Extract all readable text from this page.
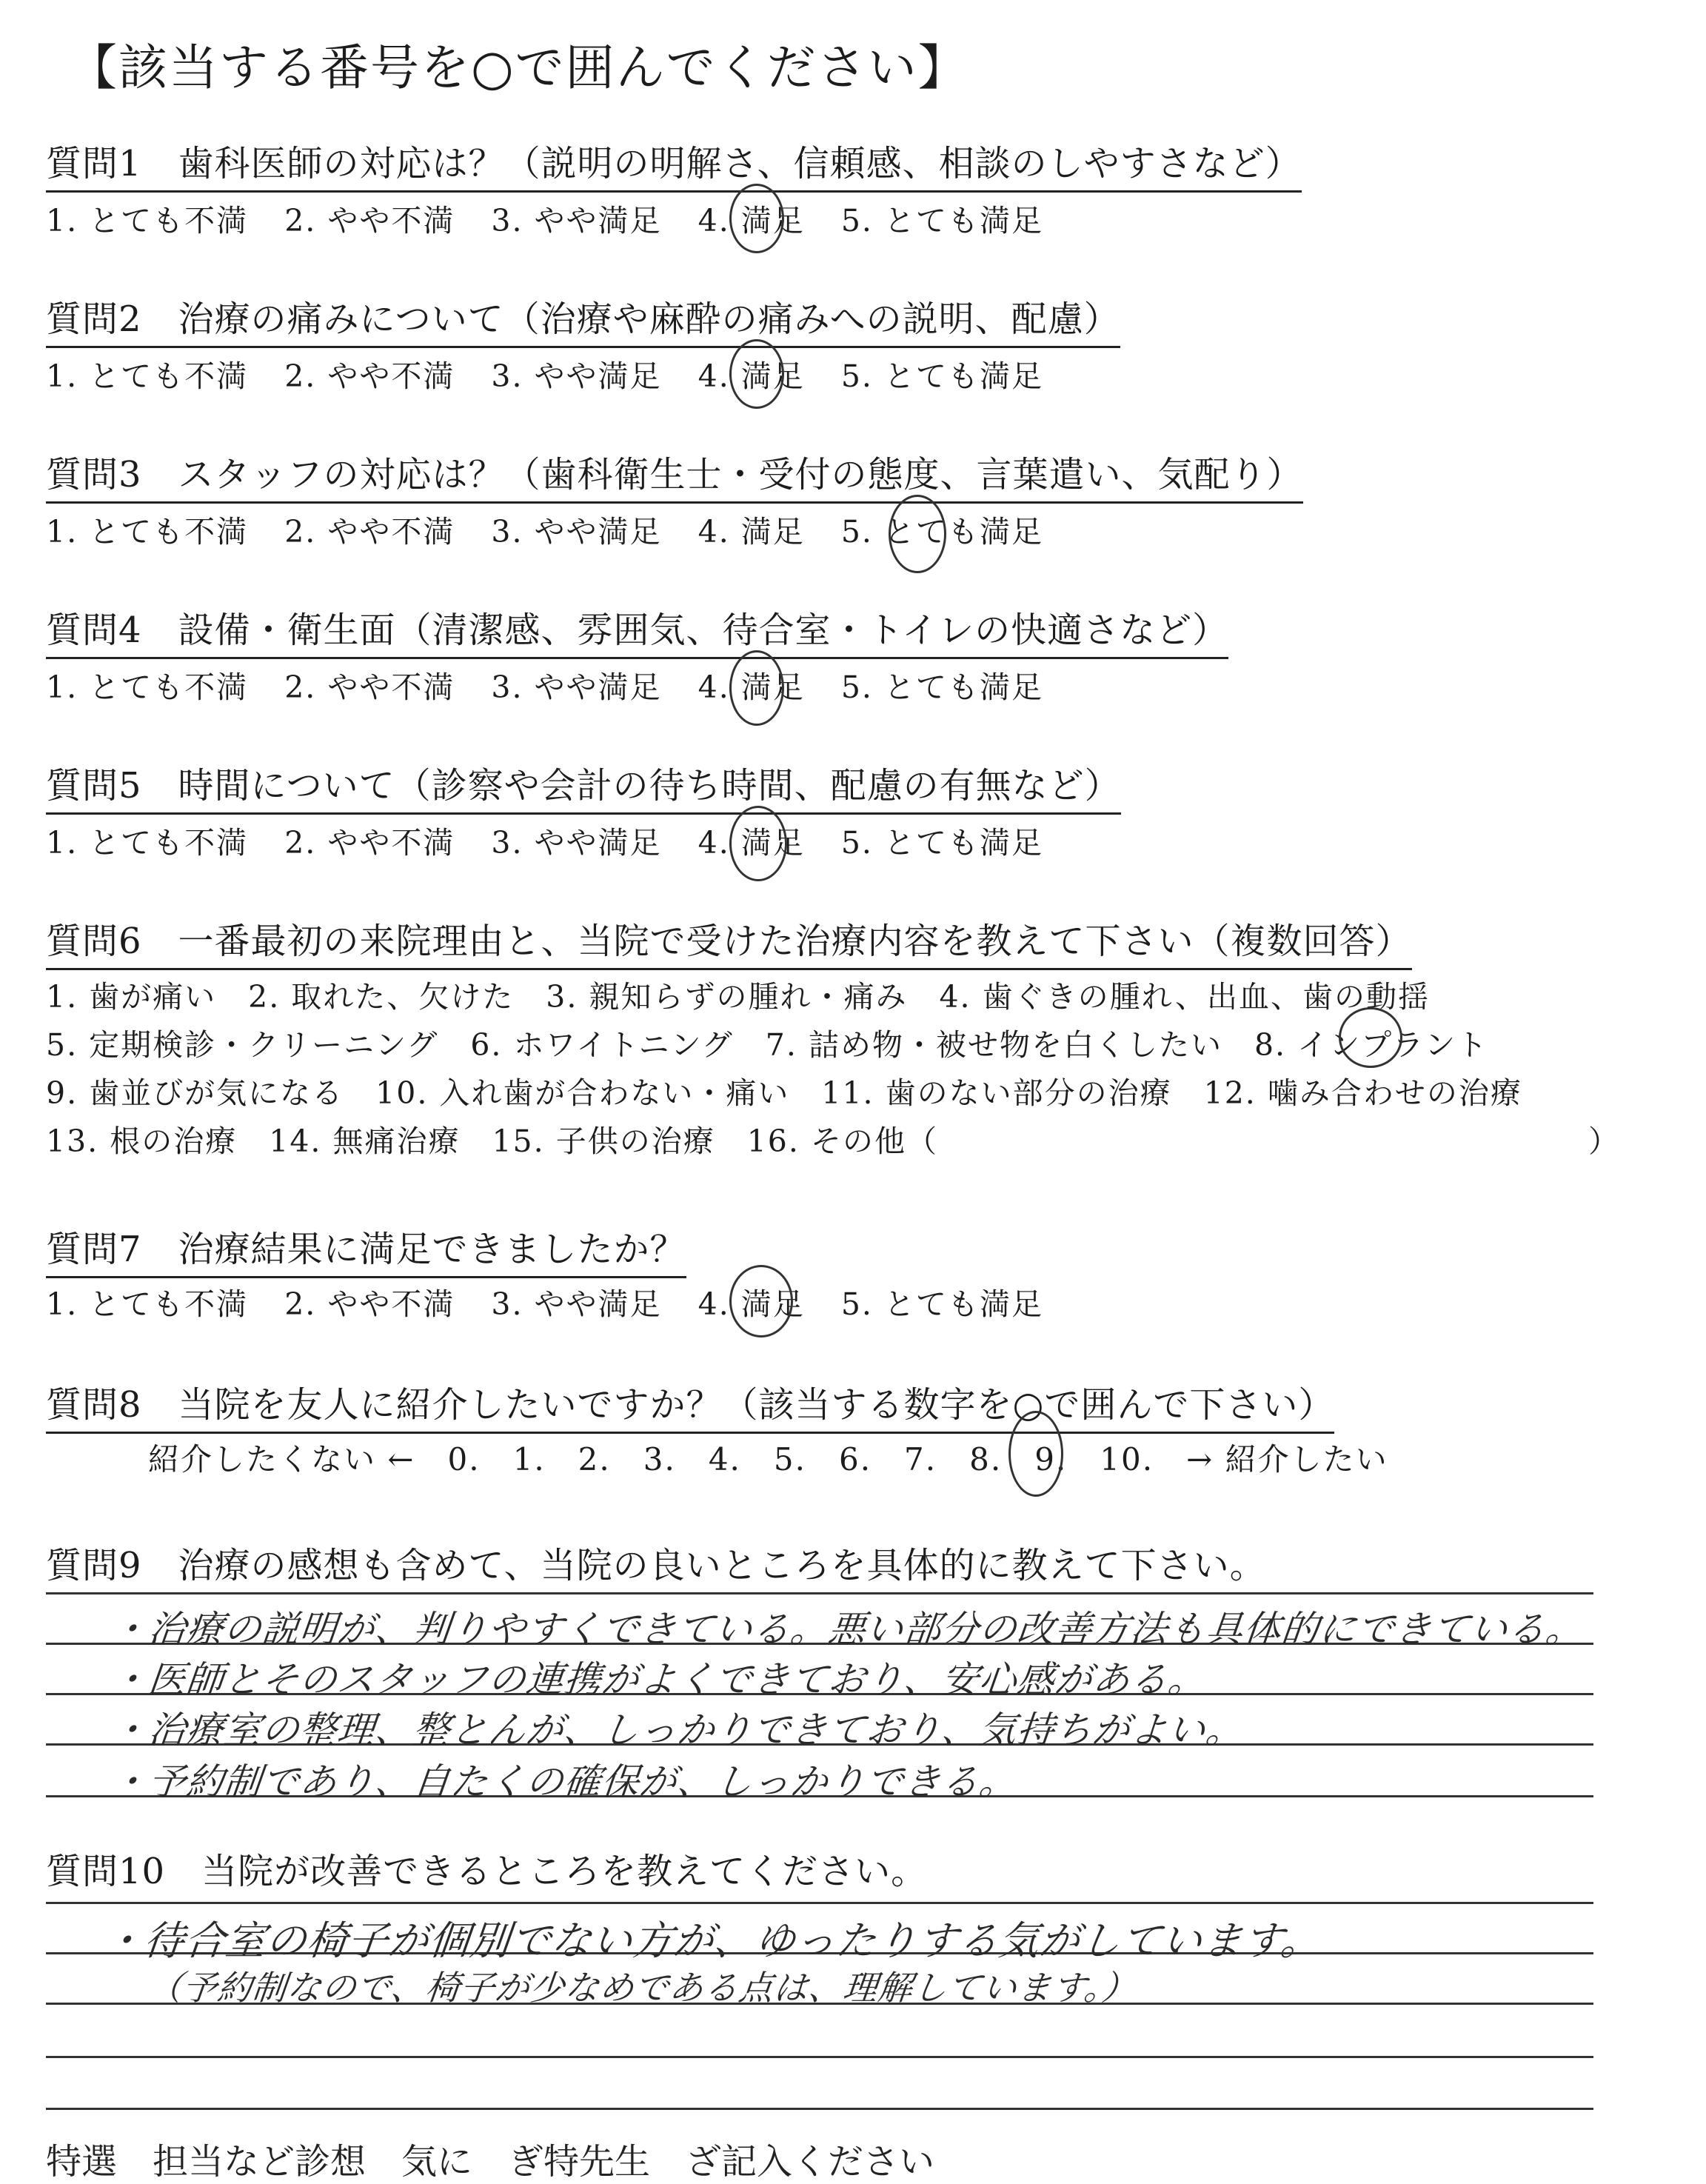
【該当する番号を○で囲んでください】
質問1　歯科医師の対応は？（説明の明解さ、信頼感、相談のしやすさなど）
1. とても不満 2. やや不満 3. やや満足 4. 満足 5. とても満足
質問2　治療の痛みについて（治療や麻酔の痛みへの説明、配慮）
1. とても不満 2. やや不満 3. やや満足 4. 満足 5. とても満足
質問3　スタッフの対応は？（歯科衛生士・受付の態度、言葉遣い、気配り）
1. とても不満 2. やや不満 3. やや満足 4. 満足 5. とても満足
質問4　設備・衛生面（清潔感、雰囲気、待合室・トイレの快適さなど）
1. とても不満 2. やや不満 3. やや満足 4. 満足 5. とても満足
質問5　時間について（診察や会計の待ち時間、配慮の有無など）
1. とても不満 2. やや不満 3. やや満足 4. 満足 5. とても満足
質問6　一番最初の来院理由と、当院で受けた治療内容を教えて下さい（複数回答）
1. 歯が痛い　2. 取れた、欠けた　3. 親知らずの腫れ・痛み　4. 歯ぐきの腫れ、出血、歯の動揺
5. 定期検診・クリーニング　6. ホワイトニング　7. 詰め物・被せ物を白くしたい　8. インプラント
9. 歯並びが気になる　10. 入れ歯が合わない・痛い　11. 歯のない部分の治療　12. 噛み合わせの治療
13. 根の治療　14. 無痛治療　15. 子供の治療　16. その他（	）
質問7　治療結果に満足できましたか？
1. とても不満 2. やや不満 3. やや満足 4. 満足 5. とても満足
質問8　当院を友人に紹介したいですか？（該当する数字を○で囲んで下さい）
紹介したくない ←　0.　1.　2.　3.　4.　5.　6.　7.　8.　9.　10.　→ 紹介したい
質問9　治療の感想も含めて、当院の良いところを具体的に教えて下さい。
・治療の説明が、判りやすくできている。悪い部分の改善方法も具体的にできている。
・医師とそのスタッフの連携がよくできており、安心感がある。
・治療室の整理、整とんが、しっかりできており、気持ちがよい。
・予約制であり、自たくの確保が、しっかりできる。
質問10　当院が改善できるところを教えてください。
・待合室の椅子が個別でない方が、ゆったりする気がしています。
（予約制なので、椅子が少なめである点は、理解しています。）
特選　担当など診想　気に　ぎ特先生　ざ記入ください
